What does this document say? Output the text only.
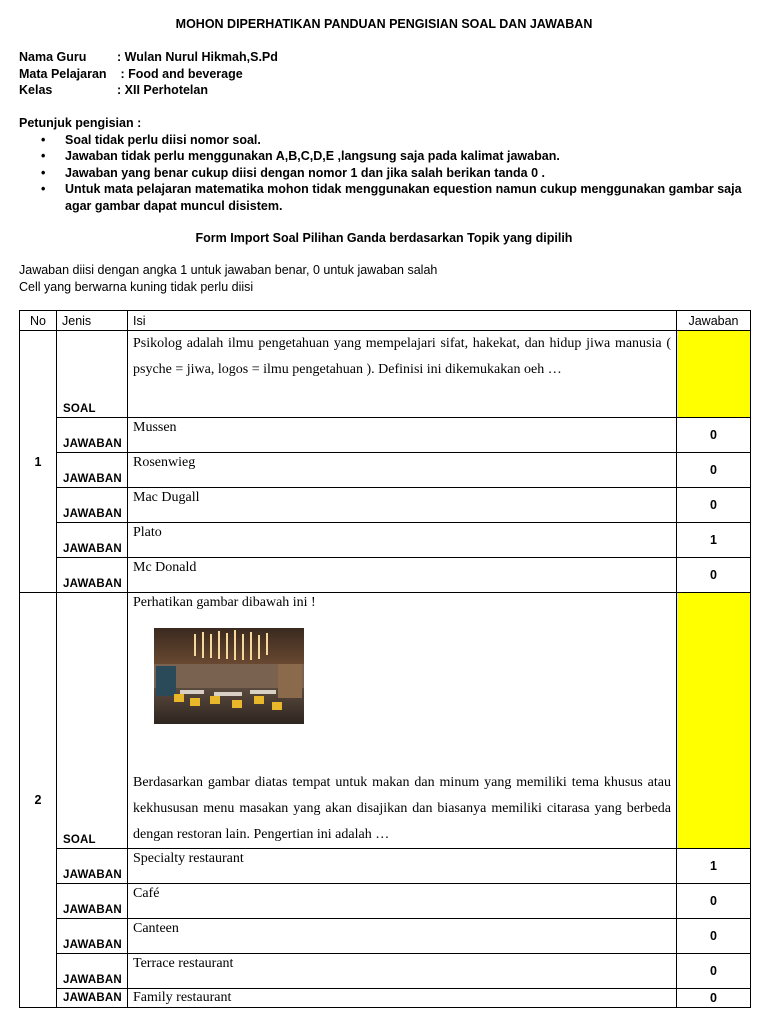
MOHON DIPERHATIKAN PANDUAN PENGISIAN SOAL DAN JAWABAN
Nama Guru	: Wulan Nurul Hikmah,S.Pd
Mata Pelajaran : Food and beverage
Kelas	: XII Perhotelan
Petunjuk pengisian :
• Soal tidak perlu diisi nomor soal.
• Jawaban tidak perlu menggunakan A,B,C,D,E ,langsung saja pada kalimat jawaban.
• Jawaban yang benar cukup diisi dengan nomor 1 dan jika salah berikan tanda 0 .
• Untuk mata pelajaran matematika mohon tidak menggunakan equestion namun cukup menggunakan gambar saja agar gambar dapat muncul disistem.
Form Import Soal Pilihan Ganda berdasarkan Topik yang dipilih
Jawaban diisi dengan angka 1 untuk jawaban benar, 0 untuk jawaban salah
Cell yang berwarna kuning tidak perlu diisi
No	Jenis	Isi	Jawaban
1	SOAL	Psikolog adalah ilmu pengetahuan yang mempelajari sifat, hakekat, dan hidup jiwa manusia ( psyche = jiwa, logos = ilmu pengetahuan ). Definisi ini dikemukakan oeh …	
	JAWABAN	Mussen	0
	JAWABAN	Rosenwieg	0
	JAWABAN	Mac Dugall	0
	JAWABAN	Plato	1
	JAWABAN	Mc Donald	0
2	SOAL	Perhatikan gambar dibawah ini !
Berdasarkan gambar diatas tempat untuk makan dan minum yang memiliki tema khusus atau kekhususan menu masakan yang akan disajikan dan biasanya memiliki citarasa yang berbeda dengan restoran lain. Pengertian ini adalah …	

	JAWABAN	Specialty restaurant	1
	JAWABAN	Café	0
	JAWABAN	Canteen	0
	JAWABAN	Terrace restaurant	0
	JAWABAN	Family restaurant	0
